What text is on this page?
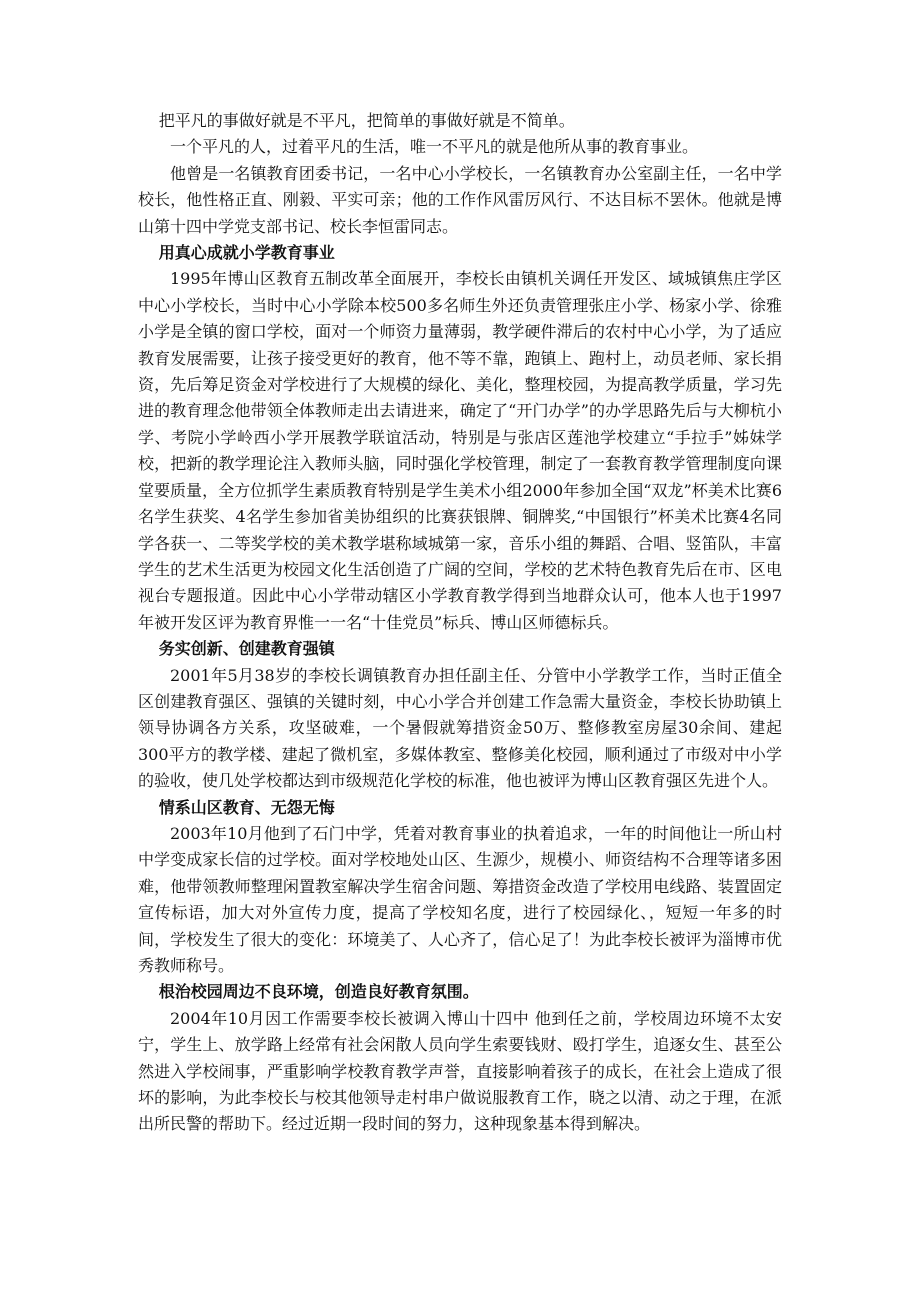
把平凡的事做好就是不平凡，把简单的事做好就是不简单。

一个平凡的人，过着平凡的生活，唯一不平凡的就是他所从事的教育事业。

他曾是一名镇教育团委书记，一名中心小学校长，一名镇教育办公室副主任，一名中学校长，他性格正直、刚毅、平实可亲；他的工作作风雷厉风行、不达目标不罢休。他就是博山第十四中学党支部书记、校长李恒雷同志。

用真心成就小学教育事业

1995年博山区教育五制改革全面展开，李校长由镇机关调任开发区、域城镇焦庄学区中心小学校长，当时中心小学除本校500多名师生外还负责管理张庄小学、杨家小学、徐雅小学是全镇的窗口学校，面对一个师资力量薄弱，教学硬件滞后的农村中心小学，为了适应教育发展需要，让孩子接受更好的教育，他不等不靠，跑镇上、跑村上，动员老师、家长捐资，先后筹足资金对学校进行了大规模的绿化、美化，整理校园，为提高教学质量，学习先进的教育理念他带领全体教师走出去请进来，确定了“开门办学”的办学思路先后与大柳杭小学、考院小学岭西小学开展教学联谊活动，特别是与张店区莲池学校建立“手拉手”姊妹学校，把新的教学理论注入教师头脑，同时强化学校管理，制定了一套教育教学管理制度向课堂要质量，全方位抓学生素质教育特别是学生美术小组2000年参加全国“双龙”杯美术比赛6名学生获奖、4名学生参加省美协组织的比赛获银牌、铜牌奖,“中国银行”杯美术比赛4名同学各获一、二等奖学校的美术教学堪称域城第一家，音乐小组的舞蹈、合唱、竖笛队，丰富学生的艺术生活更为校园文化生活创造了广阔的空间，学校的艺术特色教育先后在市、区电视台专题报道。因此中心小学带动辖区小学教育教学得到当地群众认可，他本人也于1997年被开发区评为教育界惟一一名“十佳党员”标兵、博山区师德标兵。

务实创新、创建教育强镇

2001年5月38岁的李校长调镇教育办担任副主任、分管中小学教学工作，当时正值全区创建教育强区、强镇的关键时刻，中心小学合并创建工作急需大量资金，李校长协助镇上领导协调各方关系，攻坚破难，一个暑假就筹措资金50万、整修教室房屋30余间、建起300平方的教学楼、建起了微机室，多媒体教室、整修美化校园，顺利通过了市级对中小学的验收，使几处学校都达到市级规范化学校的标准，他也被评为博山区教育强区先进个人。

情系山区教育、无怨无悔

2003年10月他到了石门中学，凭着对教育事业的执着追求，一年的时间他让一所山村中学变成家长信的过学校。面对学校地处山区、生源少，规模小、师资结构不合理等诸多困难，他带领教师整理闲置教室解决学生宿舍问题、筹措资金改造了学校用电线路、装置固定宣传标语，加大对外宣传力度，提高了学校知名度，进行了校园绿化、，短短一年多的时间，学校发生了很大的变化：环境美了、人心齐了，信心足了！为此李校长被评为淄博市优秀教师称号。

根治校园周边不良环境，创造良好教育氛围。

2004年10月因工作需要李校长被调入博山十四中 他到任之前，学校周边环境不太安宁，学生上、放学路上经常有社会闲散人员向学生索要钱财、殴打学生，追逐女生、甚至公然进入学校闹事，严重影响学校教育教学声誉，直接影响着孩子的成长，在社会上造成了很坏的影响，为此李校长与校其他领导走村串户做说服教育工作，晓之以清、动之于理，在派出所民警的帮助下。经过近期一段时间的努力，这种现象基本得到解决。
